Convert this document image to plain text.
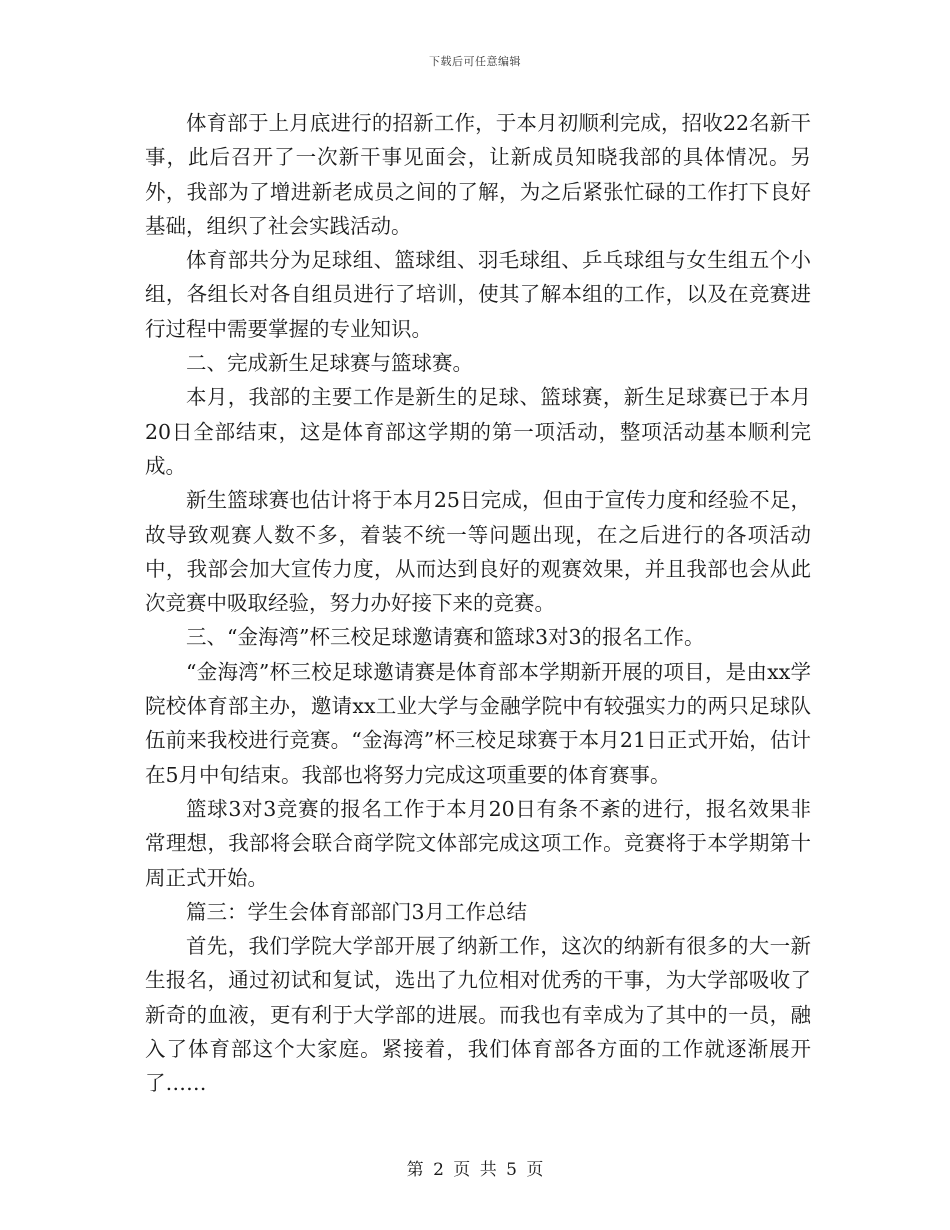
下载后可任意编辑

体育部于上月底进行的招新工作，于本月初顺利完成，招收22名新干事，此后召开了一次新干事见面会，让新成员知晓我部的具体情况。另外，我部为了增进新老成员之间的了解，为之后紧张忙碌的工作打下良好基础，组织了社会实践活动。

体育部共分为足球组、篮球组、羽毛球组、乒乓球组与女生组五个小组，各组长对各自组员进行了培训，使其了解本组的工作，以及在竞赛进行过程中需要掌握的专业知识。

二、完成新生足球赛与篮球赛。

本月，我部的主要工作是新生的足球、篮球赛，新生足球赛已于本月20日全部结束，这是体育部这学期的第一项活动，整项活动基本顺利完成。

新生篮球赛也估计将于本月25日完成，但由于宣传力度和经验不足，故导致观赛人数不多，着装不统一等问题出现，在之后进行的各项活动中，我部会加大宣传力度，从而达到良好的观赛效果，并且我部也会从此次竞赛中吸取经验，努力办好接下来的竞赛。

三、“金海湾”杯三校足球邀请赛和篮球3对3的报名工作。

“金海湾”杯三校足球邀请赛是体育部本学期新开展的项目，是由xx学院校体育部主办，邀请xx工业大学与金融学院中有较强实力的两只足球队伍前来我校进行竞赛。“金海湾”杯三校足球赛于本月21日正式开始，估计在5月中旬结束。我部也将努力完成这项重要的体育赛事。

篮球3对3竞赛的报名工作于本月20日有条不紊的进行，报名效果非常理想，我部将会联合商学院文体部完成这项工作。竞赛将于本学期第十周正式开始。

篇三：学生会体育部部门3月工作总结

首先，我们学院大学部开展了纳新工作，这次的纳新有很多的大一新生报名，通过初试和复试，选出了九位相对优秀的干事，为大学部吸收了新奇的血液，更有利于大学部的进展。而我也有幸成为了其中的一员，融入了体育部这个大家庭。紧接着，我们体育部各方面的工作就逐渐展开了……

第 2 页 共 5 页
